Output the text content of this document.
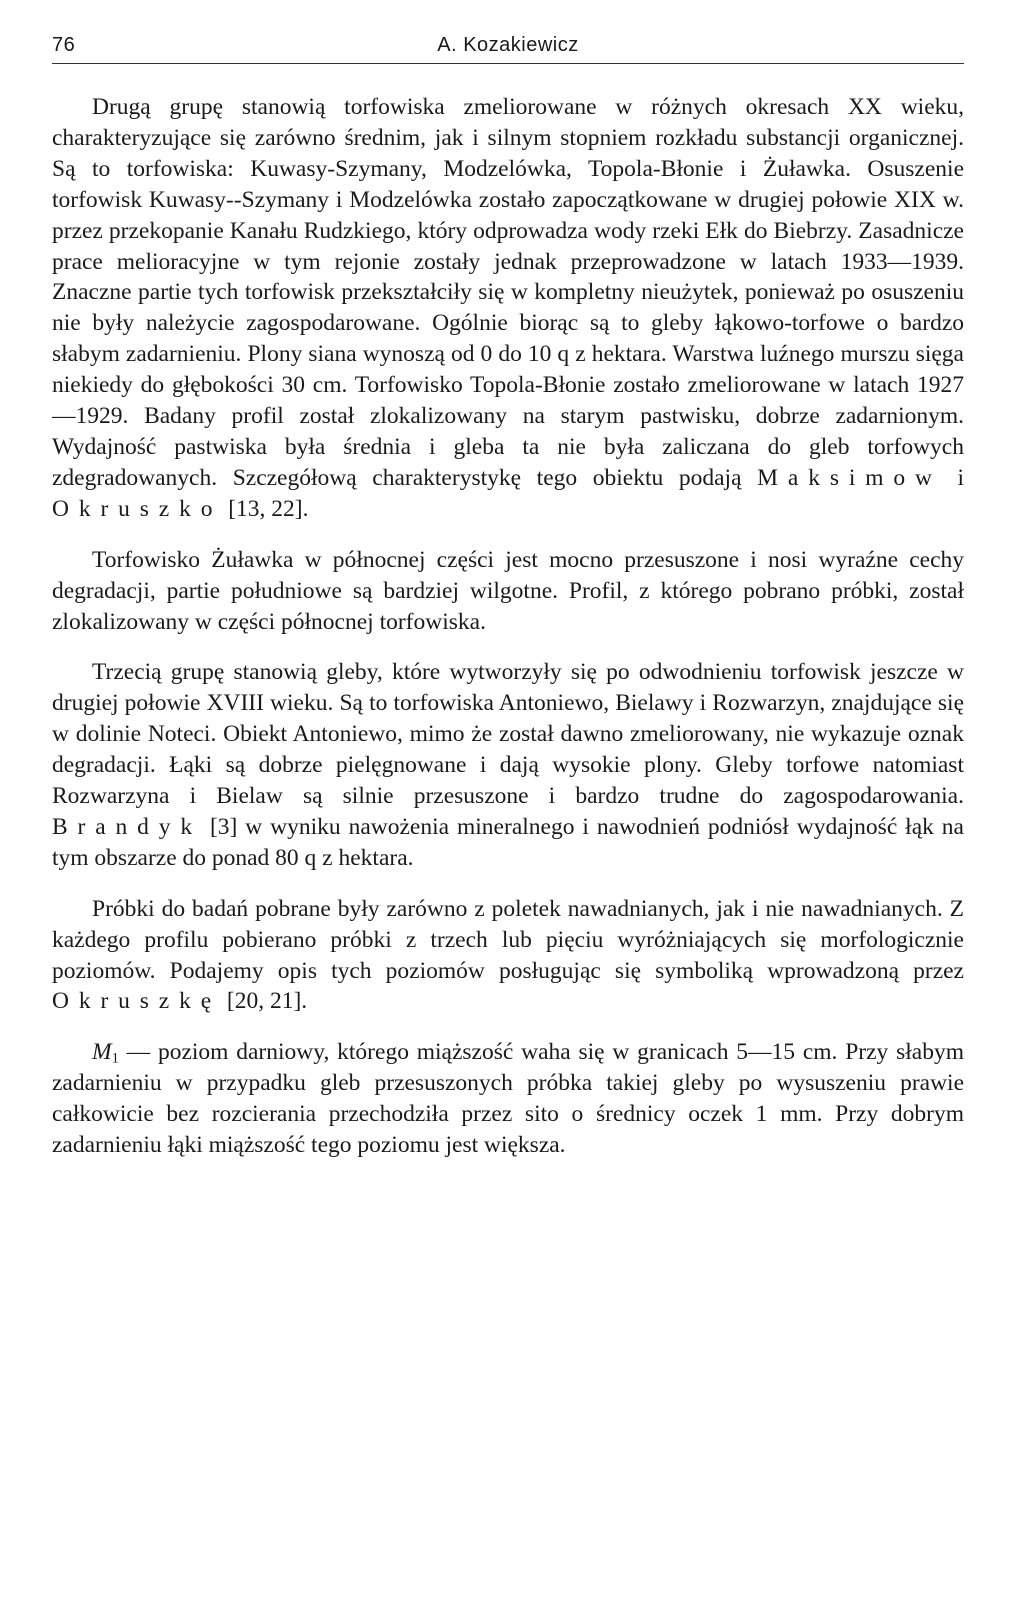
76	A. Kozakiewicz

Drugą grupę stanowią torfowiska zmeliorowane w różnych okresach XX wieku, charakteryzujące się zarówno średnim, jak i silnym stopniem rozkładu substancji organicznej. Są to torfowiska: Kuwasy-Szymany, Modzelówka, Topola-Błonie i Żuławka. Osuszenie torfowisk Kuwasy--Szymany i Modzelówka zostało zapoczątkowane w drugiej połowie XIX w. przez przekopanie Kanału Rudzkiego, który odprowadza wody rzeki Ełk do Biebrzy. Zasadnicze prace melioracyjne w tym rejonie zostały jednak przeprowadzone w latach 1933—1939. Znaczne partie tych torfowisk przekształciły się w kompletny nieużytek, ponieważ po osuszeniu nie były należycie zagospodarowane. Ogólnie biorąc są to gleby łąkowo-torfowe o bardzo słabym zadarnieniu. Plony siana wynoszą od 0 do 10 q z hektara. Warstwa luźnego murszu sięga niekiedy do głębokości 30 cm. Torfowisko Topola-Błonie zostało zmeliorowane w latach 1927—1929. Badany profil został zlokalizowany na starym pastwisku, dobrze zadarnionym. Wydajność pastwiska była średnia i gleba ta nie była zaliczana do gleb torfowych zdegradowanych. Szczegółową charakterystykę tego obiektu podają Maksimow i Okruszko [13, 22].

Torfowisko Żuławka w północnej części jest mocno przesuszone i nosi wyraźne cechy degradacji, partie południowe są bardziej wilgotne. Profil, z którego pobrano próbki, został zlokalizowany w części północnej torfowiska.

Trzecią grupę stanowią gleby, które wytworzyły się po odwodnieniu torfowisk jeszcze w drugiej połowie XVIII wieku. Są to torfowiska Antoniewo, Bielawy i Rozwarzyn, znajdujące się w dolinie Noteci. Obiekt Antoniewo, mimo że został dawno zmeliorowany, nie wykazuje oznak degradacji. Łąki są dobrze pielęgnowane i dają wysokie plony. Gleby torfowe natomiast Rozwarzyna i Bielaw są silnie przesuszone i bardzo trudne do zagospodarowania. Brandyk [3] w wyniku nawożenia mineralnego i nawodnień podniósł wydajność łąk na tym obszarze do ponad 80 q z hektara.

Próbki do badań pobrane były zarówno z poletek nawadnianych, jak i nie nawadnianych. Z każdego profilu pobierano próbki z trzech lub pięciu wyróżniających się morfologicznie poziomów. Podajemy opis tych poziomów posługując się symboliką wprowadzoną przez Okruszkę [20, 21].

$M_1$ — poziom darniowy, którego miąższość waha się w granicach 5—15 cm. Przy słabym zadarnieniu w przypadku gleb przesuszonych próbka takiej gleby po wysuszeniu prawie całkowicie bez rozcierania przechodziła przez sito o średnicy oczek 1 mm. Przy dobrym zadarnieniu łąki miąższość tego poziomu jest większa.
